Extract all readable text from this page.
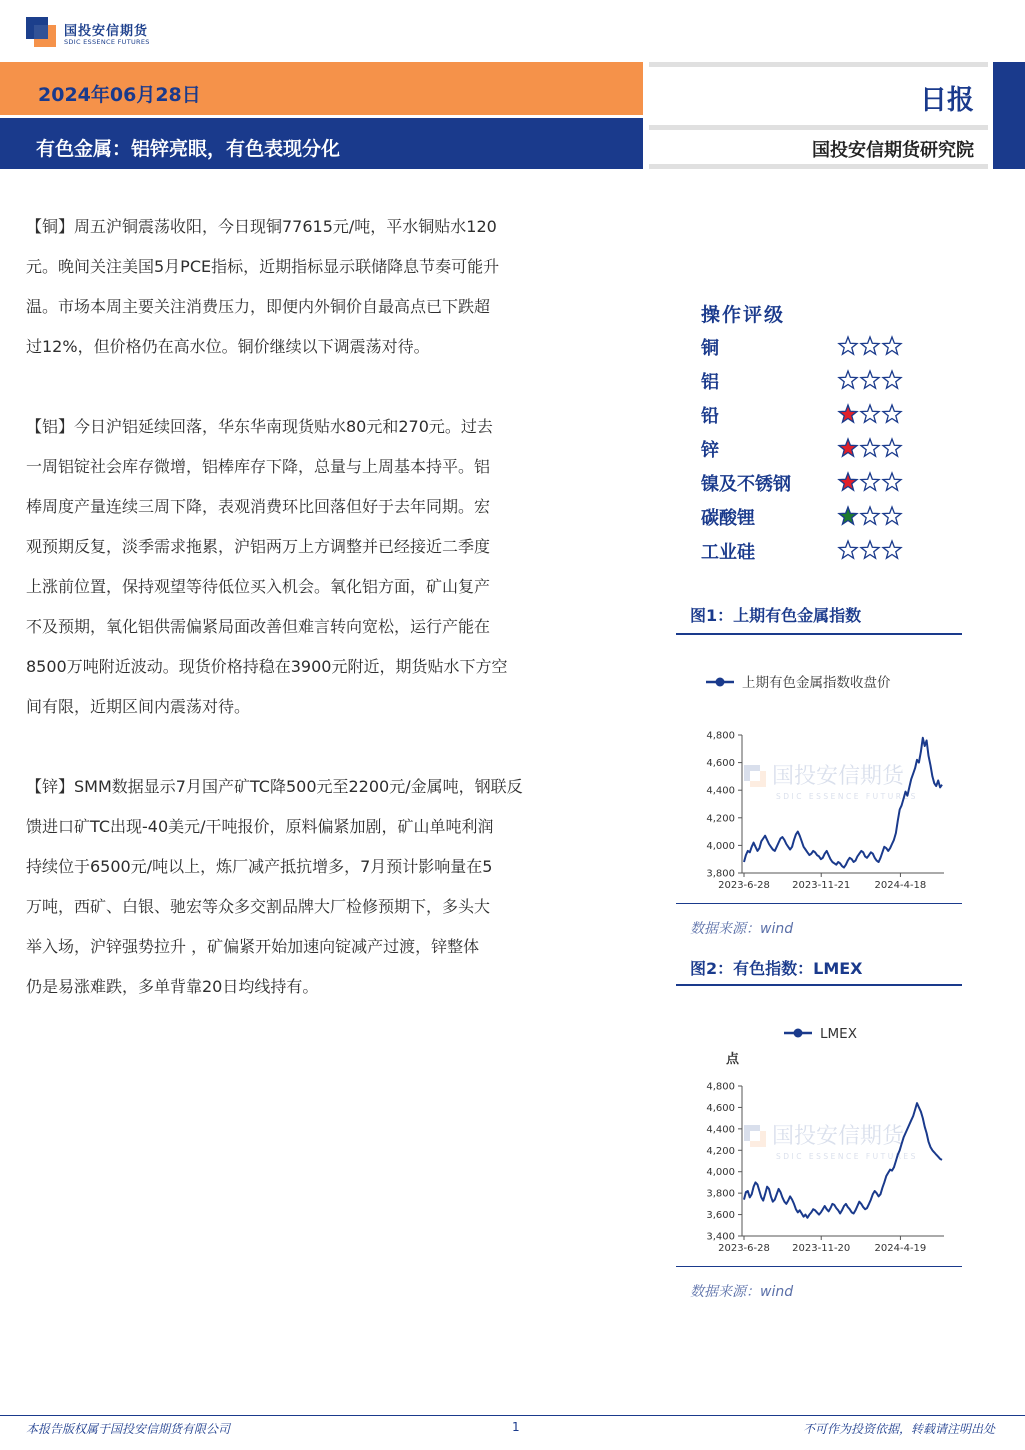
国投安信期货
SDIC ESSENCE FUTURES
2024年06月28日
有色金属：铝锌亮眼，有色表现分化
日报
国投安信期货研究院
【铜】周五沪铜震荡收阳，今日现铜77615元/吨，平水铜贴水120
元。晚间关注美国5月PCE指标，近期指标显示联储降息节奏可能升
温。市场本周主要关注消费压力，即便内外铜价自最高点已下跌超
过12%，但价格仍在高水位。铜价继续以下调震荡对待。
【铝】今日沪铝延续回落，华东华南现货贴水80元和270元。过去
一周铝锭社会库存微增，铝棒库存下降，总量与上周基本持平。铝
棒周度产量连续三周下降，表观消费环比回落但好于去年同期。宏
观预期反复，淡季需求拖累，沪铝两万上方调整并已经接近二季度
上涨前位置，保持观望等待低位买入机会。氧化铝方面，矿山复产
不及预期，氧化铝供需偏紧局面改善但难言转向宽松，运行产能在
8500万吨附近波动。现货价格持稳在3900元附近，期货贴水下方空
间有限，近期区间内震荡对待。
【锌】SMM数据显示7月国产矿TC降500元至2200元/金属吨，钢联反
馈进口矿TC出现-40美元/干吨报价，原料偏紧加剧，矿山单吨利润
持续位于6500元/吨以上，炼厂减产抵抗增多，7月预计影响量在5
万吨，西矿、白银、驰宏等众多交割品牌大厂检修预期下，多头大
举入场，沪锌强势拉升 ，矿偏紧开始加速向锭减产过渡，锌整体
仍是易涨难跌，多单背靠20日均线持有。
操作评级
铜
铝
铅
锌
镍及不锈钢
碳酸锂
工业硅
图1：上期有色金属指数
上期有色金属指数收盘价
国投安信期货
SDIC ESSENCE FUTURES
3,800
4,000
4,200
4,400
4,600
4,800
2023-6-28 2023-11-21 2024-4-18
数据来源：wind
图2：有色指数：LMEX
LMEX
点
国投安信期货
SDIC ESSENCE FUTURES
3,400
3,600
3,800
4,000
4,200
4,400
4,600
4,800
2023-6-28 2023-11-20 2024-4-19
数据来源：wind
本报告版权属于国投安信期货有限公司	1	不可作为投资依据，转载请注明出处
